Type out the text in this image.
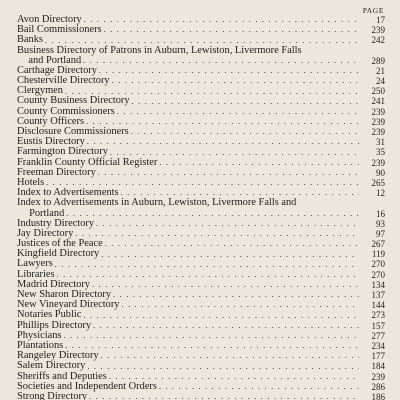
PAGE
Avon Directory . . .	17
Bail Commissioners . . .	239
Banks . . .	242
Business Directory of Patrons in Auburn, Lewiston, Livermore Falls
and Portland . . .	289
Carthage Directory . . .	21
Chesterville Directory . . .	24
Clergymen . . .	250
County Business Directory . . .	241
County Commissioners . . .	239
County Officers . . .	239
Disclosure Commissioners . . .	239
Eustis Directory . . .	31
Farmington Directory . . .	35
Franklin County Official Register . . .	239
Freeman Directory . . .	90
Hotels . . .	265
Index to Advertisements . . .	12
Index to Advertisements in Auburn, Lewiston, Livermore Falls and
Portland . . .	16
Industry Directory . . .	93
Jay Directory . . .	97
Justices of the Peace . . .	267
Kingfield Directory . . .	119
Lawyers . . .	270
Libraries . . .	270
Madrid Directory . . .	134
New Sharon Directory . . .	137
New Vineyard Directory . . .	144
Notaries Public . . .	273
Phillips Directory . . .	157
Physicians . . .	277
Plantations . . .	234
Rangeley Directory . . .	177
Salem Directory . . .	184
Sheriffs and Deputies . . .	239
Societies and Independent Orders . . .	286
Strong Directory . . .	186
